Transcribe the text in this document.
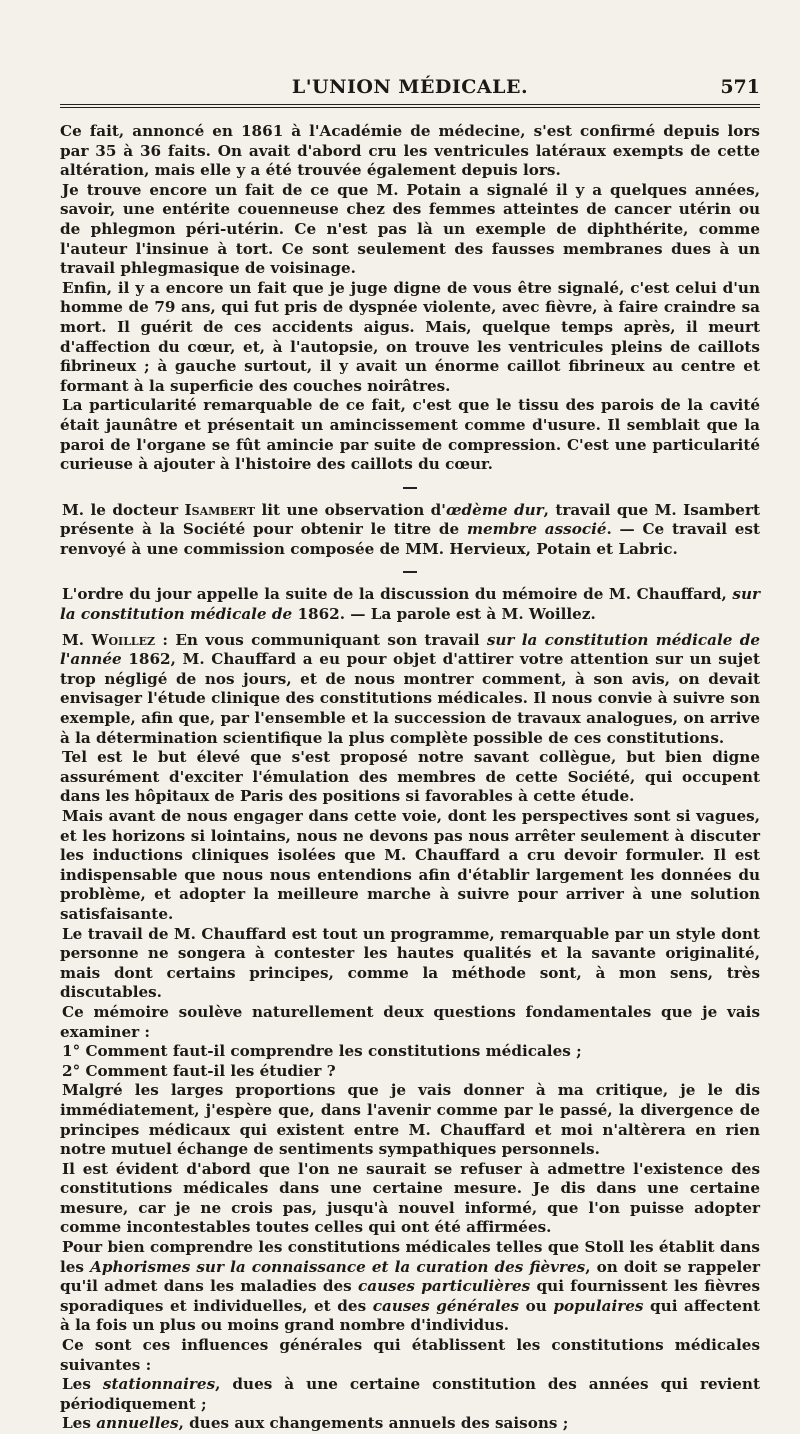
L'UNION MÉDICALE.	571

Ce fait, annoncé en 1861 à l'Académie de médecine, s'est confirmé depuis lors par 35 à 36 faits. On avait d'abord cru les ventricules latéraux exempts de cette altération, mais elle y a été trouvée également depuis lors.

Je trouve encore un fait de ce que M. Potain a signalé il y a quelques années, savoir, une entérite couenneuse chez des femmes atteintes de cancer utérin ou de phlegmon péri-utérin. Ce n'est pas là un exemple de diphthérite, comme l'auteur l'insinue à tort. Ce sont seulement des fausses membranes dues à un travail phlegmasique de voisinage.

Enfin, il y a encore un fait que je juge digne de vous être signalé, c'est celui d'un homme de 79 ans, qui fut pris de dyspnée violente, avec fièvre, à faire craindre sa mort. Il guérit de ces accidents aigus. Mais, quelque temps après, il meurt d'affection du cœur, et, à l'autopsie, on trouve les ventricules pleins de caillots fibrineux ; à gauche surtout, il y avait un énorme caillot fibrineux au centre et formant à la superficie des couches noirâtres.

La particularité remarquable de ce fait, c'est que le tissu des parois de la cavité était jaunâtre et présentait un amincissement comme d'usure. Il semblait que la paroi de l'organe se fût amincie par suite de compression. C'est une particularité curieuse à ajouter à l'histoire des caillots du cœur.

M. le docteur Isambert lit une observation d'œdème dur, travail que M. Isambert présente à la Société pour obtenir le titre de membre associé. — Ce travail est renvoyé à une commission composée de MM. Hervieux, Potain et Labric.

L'ordre du jour appelle la suite de la discussion du mémoire de M. Chauffard, sur la constitution médicale de 1862. — La parole est à M. Woillez.

M. Woillez : En vous communiquant son travail sur la constitution médicale de l'année 1862, M. Chauffard a eu pour objet d'attirer votre attention sur un sujet trop négligé de nos jours, et de nous montrer comment, à son avis, on devait envisager l'étude clinique des constitutions médicales. Il nous convie à suivre son exemple, afin que, par l'ensemble et la succession de travaux analogues, on arrive à la détermination scientifique la plus complète possible de ces constitutions.

Tel est le but élevé que s'est proposé notre savant collègue, but bien digne assurément d'exciter l'émulation des membres de cette Société, qui occupent dans les hôpitaux de Paris des positions si favorables à cette étude.

Mais avant de nous engager dans cette voie, dont les perspectives sont si vagues, et les horizons si lointains, nous ne devons pas nous arrêter seulement à discuter les inductions cliniques isolées que M. Chauffard a cru devoir formuler. Il est indispensable que nous nous entendions afin d'établir largement les données du problème, et adopter la meilleure marche à suivre pour arriver à une solution satisfaisante.

Le travail de M. Chauffard est tout un programme, remarquable par un style dont personne ne songera à contester les hautes qualités et la savante originalité, mais dont certains principes, comme la méthode sont, à mon sens, très discutables.

Ce mémoire soulève naturellement deux questions fondamentales que je vais examiner :

1° Comment faut-il comprendre les constitutions médicales ;

2° Comment faut-il les étudier ?

Malgré les larges proportions que je vais donner à ma critique, je le dis immédiatement, j'espère que, dans l'avenir comme par le passé, la divergence de principes médicaux qui existent entre M. Chauffard et moi n'altèrera en rien notre mutuel échange de sentiments sympathiques personnels.

Il est évident d'abord que l'on ne saurait se refuser à admettre l'existence des constitutions médicales dans une certaine mesure. Je dis dans une certaine mesure, car je ne crois pas, jusqu'à nouvel informé, que l'on puisse adopter comme incontestables toutes celles qui ont été affirmées.

Pour bien comprendre les constitutions médicales telles que Stoll les établit dans les Aphorismes sur la connaissance et la curation des fièvres, on doit se rappeler qu'il admet dans les maladies des causes particulières qui fournissent les fièvres sporadiques et individuelles, et des causes générales ou populaires qui affectent à la fois un plus ou moins grand nombre d'individus.

Ce sont ces influences générales qui établissent les constitutions médicales suivantes :

Les stationnaires, dues à une certaine constitution des années qui revient périodiquement ;

Les annuelles, dues aux changements annuels des saisons ;
